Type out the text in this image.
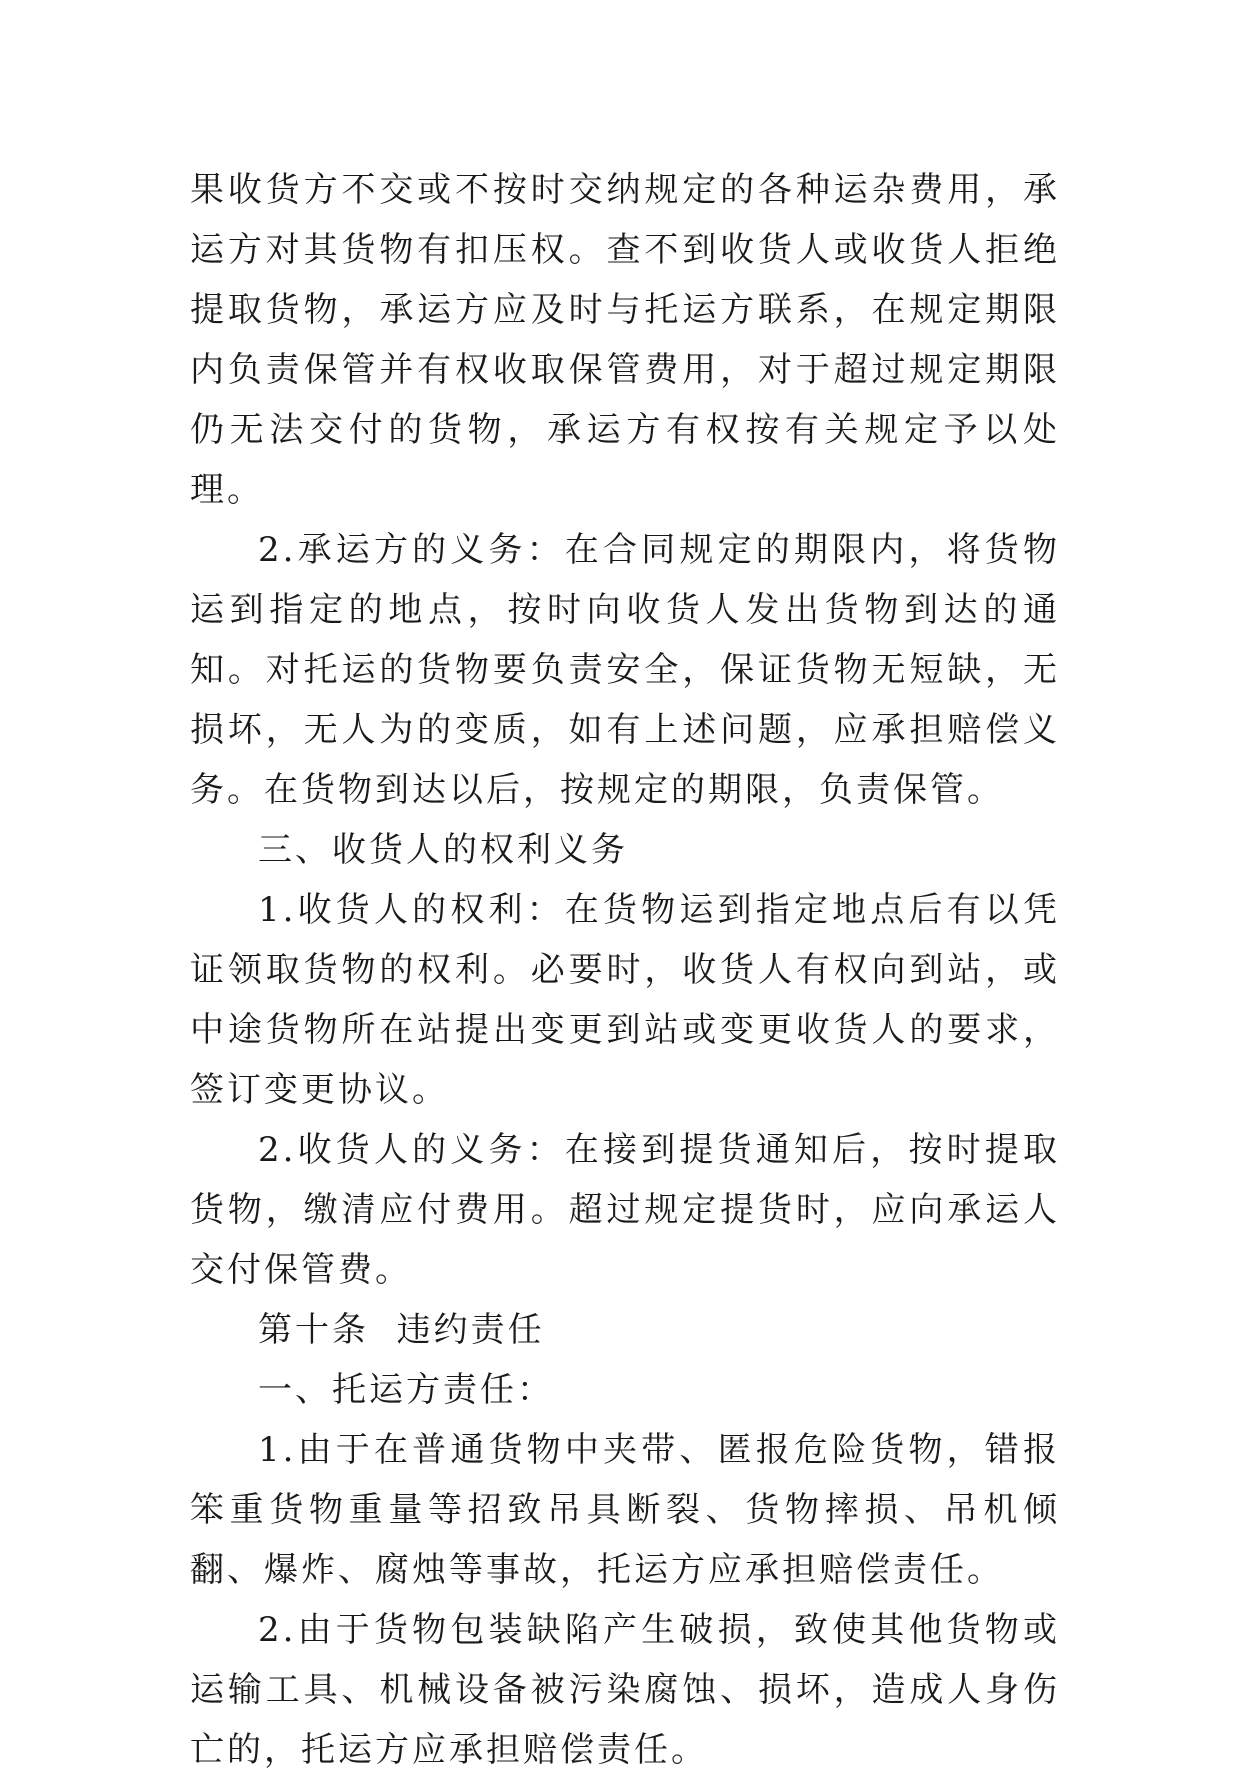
果收货方不交或不按时交纳规定的各种运杂费用，承运方对其货物有扣压权。查不到收货人或收货人拒绝提取货物，承运方应及时与托运方联系，在规定期限内负责保管并有权收取保管费用，对于超过规定期限仍无法交付的货物，承运方有权按有关规定予以处理。

2.承运方的义务：在合同规定的期限内，将货物运到指定的地点，按时向收货人发出货物到达的通知。对托运的货物要负责安全，保证货物无短缺，无损坏，无人为的变质，如有上述问题，应承担赔偿义务。在货物到达以后，按规定的期限，负责保管。

三、收货人的权利义务

1.收货人的权利：在货物运到指定地点后有以凭证领取货物的权利。必要时，收货人有权向到站，或中途货物所在站提出变更到站或变更收货人的要求，签订变更协议。

2.收货人的义务：在接到提货通知后，按时提取货物，缴清应付费用。超过规定提货时，应向承运人交付保管费。

第十条  违约责任

一、托运方责任：

1.由于在普通货物中夹带、匿报危险货物，错报笨重货物重量等招致吊具断裂、货物摔损、吊机倾翻、爆炸、腐烛等事故，托运方应承担赔偿责任。

2.由于货物包装缺陷产生破损，致使其他货物或运输工具、机械设备被污染腐蚀、损坏，造成人身伤亡的，托运方应承担赔偿责任。
